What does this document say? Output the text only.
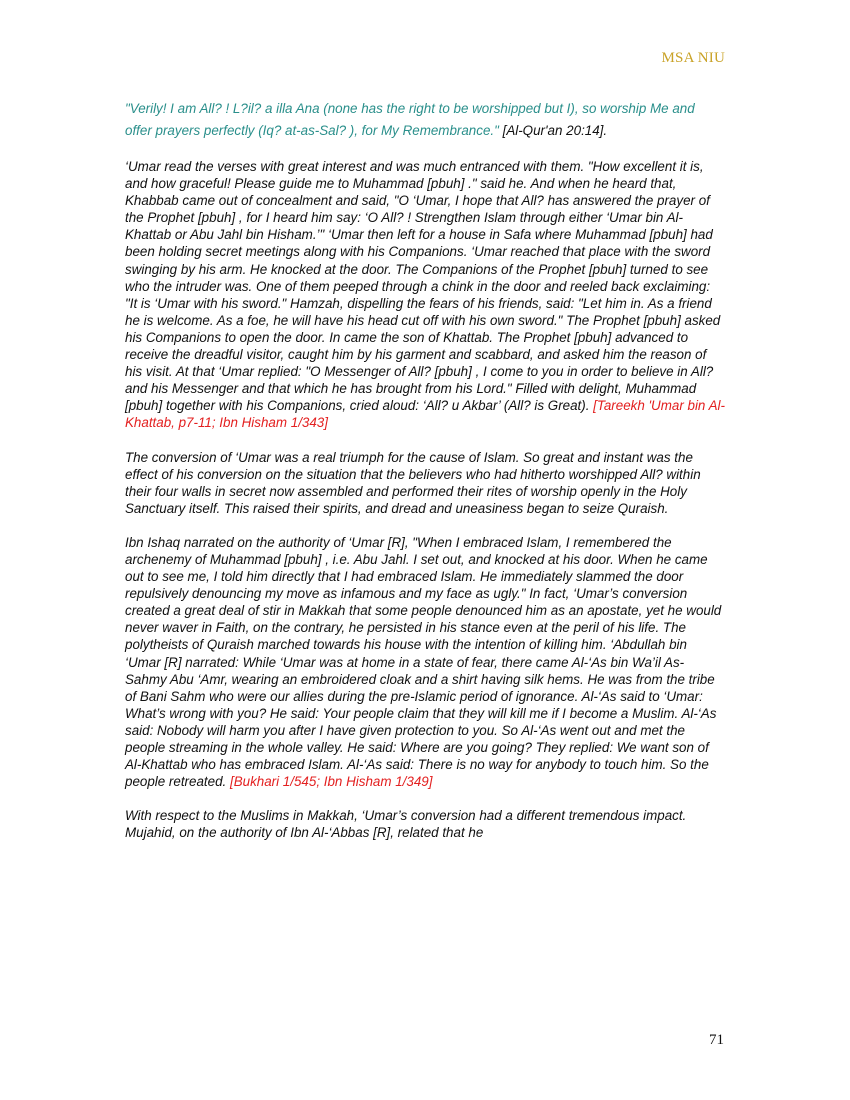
MSA NIU

"Verily! I am All? ! L?il? a illa Ana (none has the right to be worshipped but I), so worship Me and offer prayers perfectly (Iq? at-as-Sal? ), for My Remembrance." [Al-Qur'an 20:14].

‘Umar read the verses with great interest and was much entranced with them. "How excellent it is, and how graceful! Please guide me to Muhammad [pbuh] ." said he. And when he heard that, Khabbab came out of concealment and said, "O ‘Umar, I hope that All? has answered the prayer of the Prophet [pbuh] , for I heard him say: ‘O All? ! Strengthen Islam through either ‘Umar bin Al-Khattab or Abu Jahl bin Hisham.’" ‘Umar then left for a house in Safa where Muhammad [pbuh] had been holding secret meetings along with his Companions. ‘Umar reached that place with the sword swinging by his arm. He knocked at the door. The Companions of the Prophet [pbuh] turned to see who the intruder was. One of them peeped through a chink in the door and reeled back exclaiming: "It is ‘Umar with his sword." Hamzah, dispelling the fears of his friends, said: "Let him in. As a friend he is welcome. As a foe, he will have his head cut off with his own sword." The Prophet [pbuh] asked his Companions to open the door. In came the son of Khattab. The Prophet [pbuh] advanced to receive the dreadful visitor, caught him by his garment and scabbard, and asked him the reason of his visit. At that ‘Umar replied: "O Messenger of All? [pbuh] , I come to you in order to believe in All? and his Messenger and that which he has brought from his Lord." Filled with delight, Muhammad [pbuh] together with his Companions, cried aloud: ‘All? u Akbar’ (All? is Great). [Tareekh 'Umar bin Al-Khattab, p7-11; Ibn Hisham 1/343]

The conversion of ‘Umar was a real triumph for the cause of Islam. So great and instant was the effect of his conversion on the situation that the believers who had hitherto worshipped All? within their four walls in secret now assembled and performed their rites of worship openly in the Holy Sanctuary itself. This raised their spirits, and dread and uneasiness began to seize Quraish.

Ibn Ishaq narrated on the authority of ‘Umar [R], "When I embraced Islam, I remembered the archenemy of Muhammad [pbuh] , i.e. Abu Jahl. I set out, and knocked at his door. When he came out to see me, I told him directly that I had embraced Islam. He immediately slammed the door repulsively denouncing my move as infamous and my face as ugly." In fact, ‘Umar’s conversion created a great deal of stir in Makkah that some people denounced him as an apostate, yet he would never waver in Faith, on the contrary, he persisted in his stance even at the peril of his life. The polytheists of Quraish marched towards his house with the intention of killing him. ‘Abdullah bin ‘Umar [R] narrated: While ‘Umar was at home in a state of fear, there came Al-‘As bin Wa’il As-Sahmy Abu ‘Amr, wearing an embroidered cloak and a shirt having silk hems. He was from the tribe of Bani Sahm who were our allies during the pre-Islamic period of ignorance. Al-‘As said to ‘Umar: What’s wrong with you? He said: Your people claim that they will kill me if I become a Muslim. Al-‘As said: Nobody will harm you after I have given protection to you. So Al-‘As went out and met the people streaming in the whole valley. He said: Where are you going? They replied: We want son of Al-Khattab who has embraced Islam. Al-‘As said: There is no way for anybody to touch him. So the people retreated. [Bukhari 1/545; Ibn Hisham 1/349]

With respect to the Muslims in Makkah, ‘Umar’s conversion had a different tremendous impact. Mujahid, on the authority of Ibn Al-‘Abbas [R], related that he

71
